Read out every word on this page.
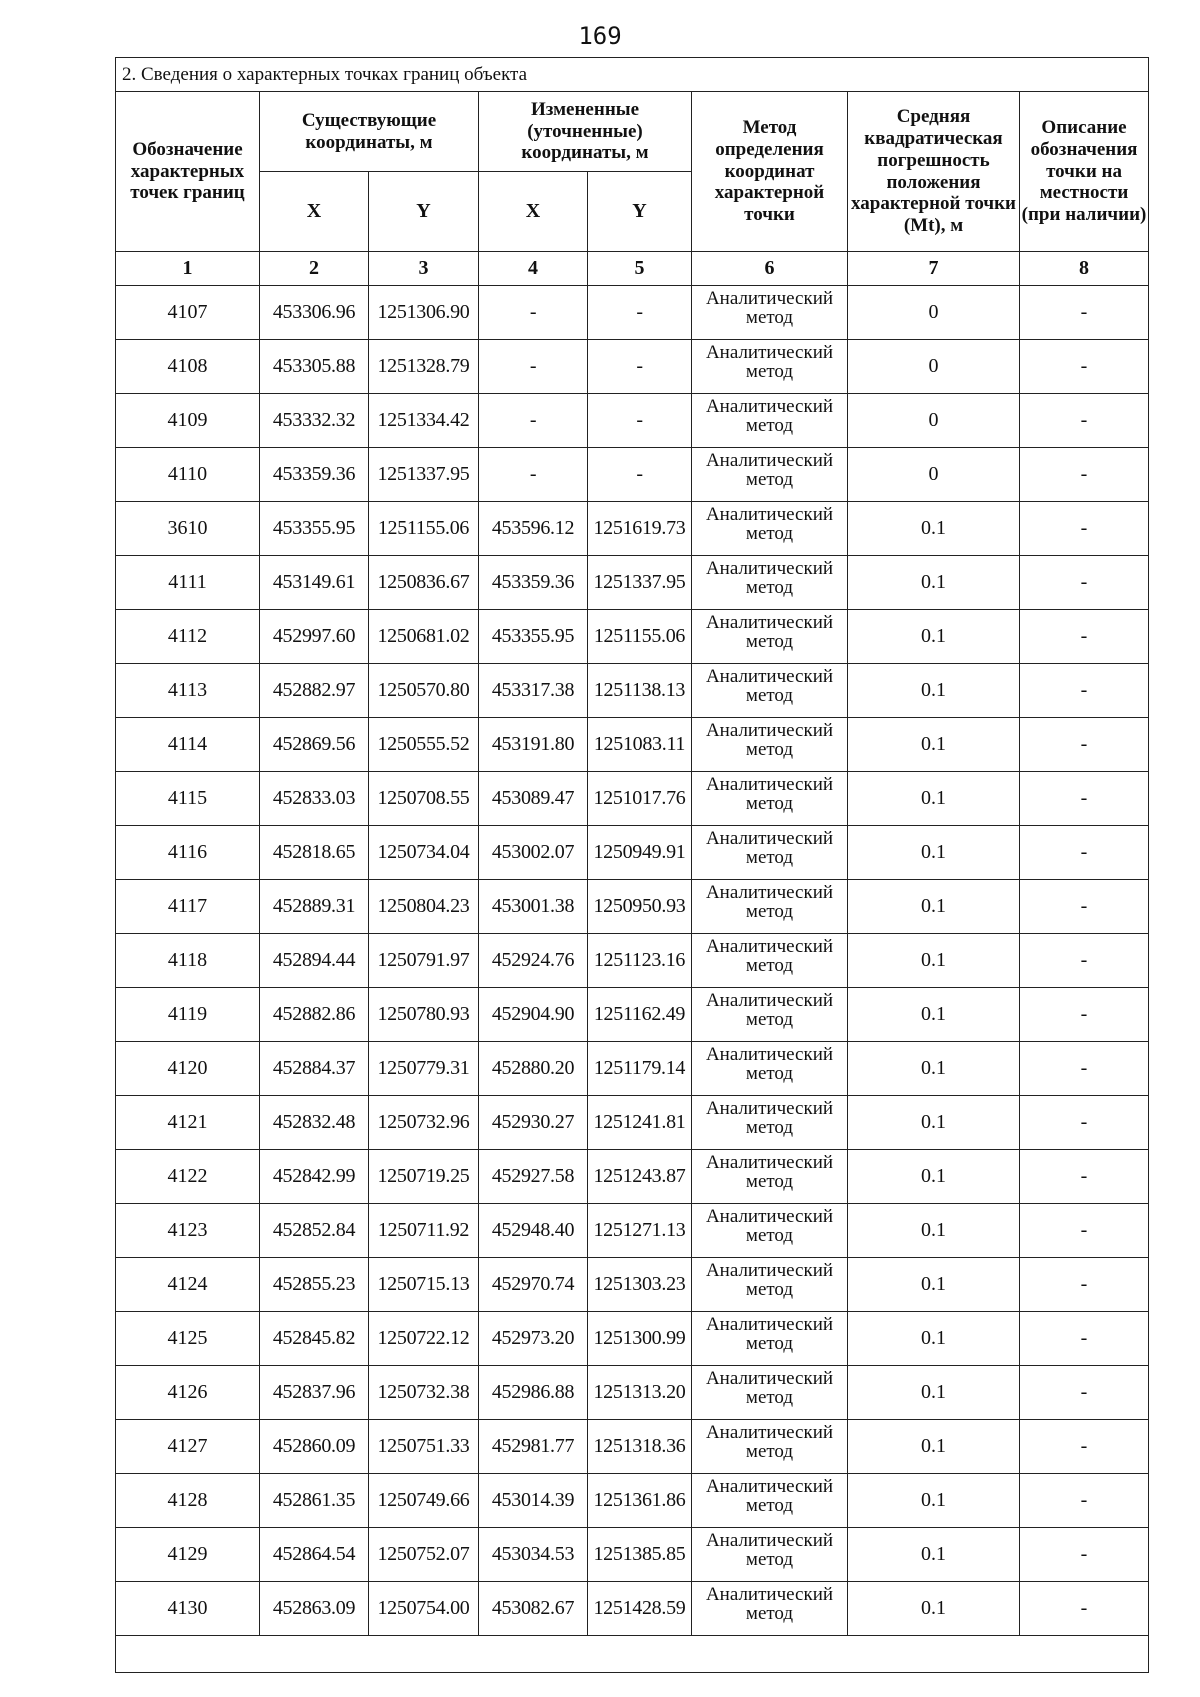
169
2. Сведения о характерных точках границ объекта							
Обозначение характерных точек границ	Существующие координаты, м		Измененные (уточненные) координаты, м		Метод определения координат характерной точки	Средняя квадратическая погрешность положения характерной точки (Mt), м	Описание обозначения точки на местности (при наличии)
	X	Y	X	Y			
1	2	3	4	5	6	7	8
4107	453306.96	1251306.90	-	-	Аналитический метод	0	-
4108	453305.88	1251328.79	-	-	Аналитический метод	0	-
4109	453332.32	1251334.42	-	-	Аналитический метод	0	-
4110	453359.36	1251337.95	-	-	Аналитический метод	0	-
3610	453355.95	1251155.06	453596.12	1251619.73	Аналитический метод	0.1	-
4111	453149.61	1250836.67	453359.36	1251337.95	Аналитический метод	0.1	-
4112	452997.60	1250681.02	453355.95	1251155.06	Аналитический метод	0.1	-
4113	452882.97	1250570.80	453317.38	1251138.13	Аналитический метод	0.1	-
4114	452869.56	1250555.52	453191.80	1251083.11	Аналитический метод	0.1	-
4115	452833.03	1250708.55	453089.47	1251017.76	Аналитический метод	0.1	-
4116	452818.65	1250734.04	453002.07	1250949.91	Аналитический метод	0.1	-
4117	452889.31	1250804.23	453001.38	1250950.93	Аналитический метод	0.1	-
4118	452894.44	1250791.97	452924.76	1251123.16	Аналитический метод	0.1	-
4119	452882.86	1250780.93	452904.90	1251162.49	Аналитический метод	0.1	-
4120	452884.37	1250779.31	452880.20	1251179.14	Аналитический метод	0.1	-
4121	452832.48	1250732.96	452930.27	1251241.81	Аналитический метод	0.1	-
4122	452842.99	1250719.25	452927.58	1251243.87	Аналитический метод	0.1	-
4123	452852.84	1250711.92	452948.40	1251271.13	Аналитический метод	0.1	-
4124	452855.23	1250715.13	452970.74	1251303.23	Аналитический метод	0.1	-
4125	452845.82	1250722.12	452973.20	1251300.99	Аналитический метод	0.1	-
4126	452837.96	1250732.38	452986.88	1251313.20	Аналитический метод	0.1	-
4127	452860.09	1250751.33	452981.77	1251318.36	Аналитический метод	0.1	-
4128	452861.35	1250749.66	453014.39	1251361.86	Аналитический метод	0.1	-
4129	452864.54	1250752.07	453034.53	1251385.85	Аналитический метод	0.1	-
4130	452863.09	1250754.00	453082.67	1251428.59	Аналитический метод	0.1	-
